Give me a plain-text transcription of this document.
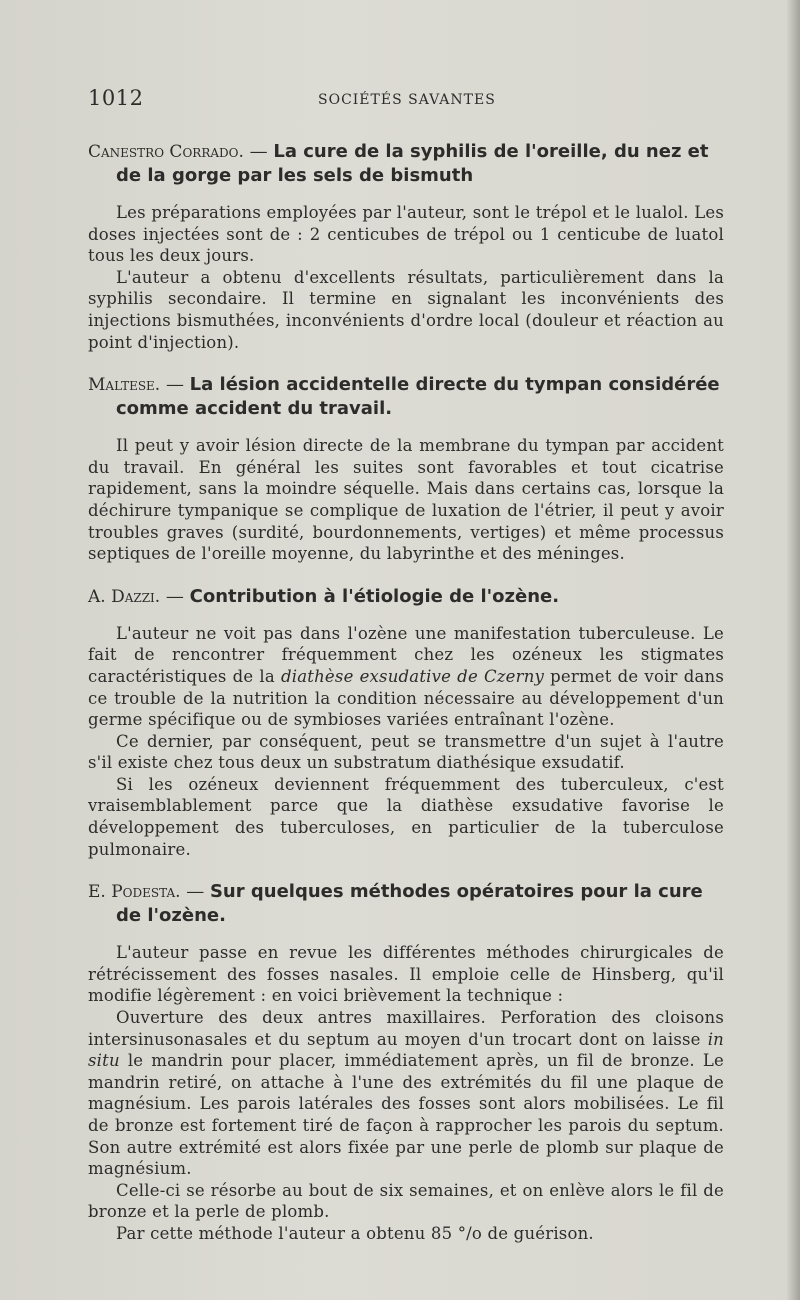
1012	SOCIÉTÉS SAVANTES
Canestro Corrado. — La cure de la syphilis de l'oreille, du nez et de la gorge par les sels de bismuth

Les préparations employées par l'auteur, sont le trépol et le lualol. Les doses injectées sont de : 2 centicubes de trépol ou 1 centicube de luatol tous les deux jours.

L'auteur a obtenu d'excellents résultats, particulièrement dans la syphilis secondaire. Il termine en signalant les inconvénients des injections bismuthées, inconvénients d'ordre local (douleur et réaction au point d'injection).

Maltese. — La lésion accidentelle directe du tympan considérée comme accident du travail.

Il peut y avoir lésion directe de la membrane du tympan par accident du travail. En général les suites sont favorables et tout cicatrise rapidement, sans la moindre séquelle. Mais dans certains cas, lorsque la déchirure tympanique se complique de luxation de l'étrier, il peut y avoir troubles graves (surdité, bourdonnements, vertiges) et même processus septiques de l'oreille moyenne, du labyrinthe et des méninges.

A. Dazzi. — Contribution à l'étiologie de l'ozène.

L'auteur ne voit pas dans l'ozène une manifestation tuberculeuse. Le fait de rencontrer fréquemment chez les ozéneux les stigmates caractéristiques de la diathèse exsudative de Czerny permet de voir dans ce trouble de la nutrition la condition nécessaire au développement d'un germe spécifique ou de symbioses variées entraînant l'ozène.

Ce dernier, par conséquent, peut se transmettre d'un sujet à l'autre s'il existe chez tous deux un substratum diathésique exsudatif.

Si les ozéneux deviennent fréquemment des tuberculeux, c'est vraisemblablement parce que la diathèse exsudative favorise le développement des tuberculoses, en particulier de la tuberculose pulmonaire.

E. Podesta. — Sur quelques méthodes opératoires pour la cure de l'ozène.

L'auteur passe en revue les différentes méthodes chirurgicales de rétrécissement des fosses nasales. Il emploie celle de Hinsberg, qu'il modifie légèrement : en voici brièvement la technique :

Ouverture des deux antres maxillaires. Perforation des cloisons intersinusonasales et du septum au moyen d'un trocart dont on laisse in situ le mandrin pour placer, immédiatement après, un fil de bronze. Le mandrin retiré, on attache à l'une des extrémités du fil une plaque de magnésium. Les parois latérales des fosses sont alors mobilisées. Le fil de bronze est fortement tiré de façon à rapprocher les parois du septum. Son autre extrémité est alors fixée par une perle de plomb sur plaque de magnésium.

Celle-ci se résorbe au bout de six semaines, et on enlève alors le fil de bronze et la perle de plomb.

Par cette méthode l'auteur a obtenu 85 °/o de guérison.
